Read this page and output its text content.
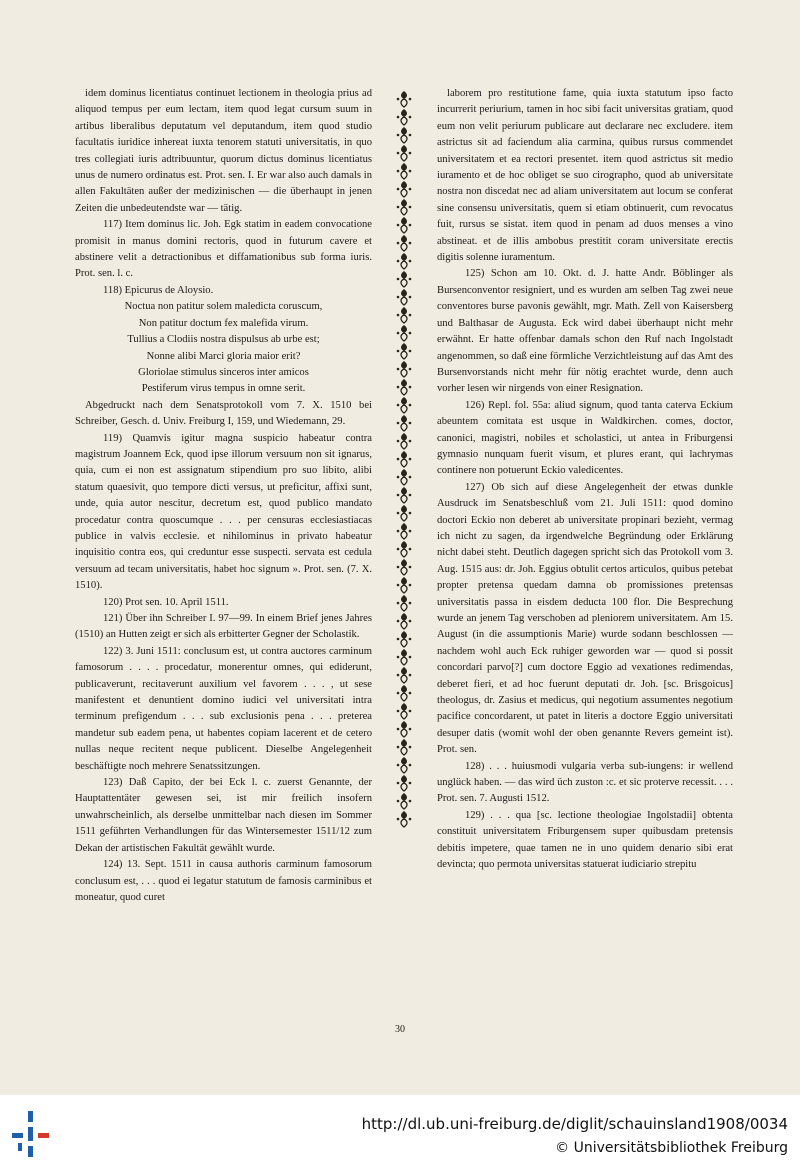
idem dominus licentiatus continuet lectionem in theologia prius ad aliquod tempus per eum lectam, item quod legat cursum suum in artibus liberalibus deputatum vel deputandum, item quod studio facultatis iuridice inhereat iuxta tenorem statuti universitatis, in quo tres collegiati iuris adtribuuntur, quorum dictus dominus licentiatus unus de numero ordinatus est. Prot. sen. I. Er war also auch damals in allen Fakultäten außer der medizinischen — die überhaupt in jenen Zeiten die unbedeutendste war — tätig.

117) Item dominus lic. Joh. Egk statim in eadem convocatione promisit in manus domini rectoris, quod in futurum cavere et abstinere velit a detractionibus et diffamationibus sub forma iuris. Prot. sen. l. c.

118) Epicurus de Aloysio.

Noctua non patitur solem maledicta coruscum,

Non patitur doctum fex malefida virum.

Tullius a Clodiis nostra dispulsus ab urbe est;

Nonne alibi Marci gloria maior erit?

Gloriolae stimulus sinceros inter amicos

Pestiferum virus tempus in omne serit.

Abgedruckt nach dem Senatsprotokoll vom 7. X. 1510 bei Schreiber, Gesch. d. Univ. Freiburg I, 159, und Wiedemann, 29.

119) Quamvis igitur magna suspicio habeatur contra magistrum Joannem Eck, quod ipse illorum versuum non sit ignarus, quia, cum ei non est assignatum stipendium pro suo libito, alibi statum quaesivit, quo tempore dicti versus, ut preficitur, affixi sunt, unde, quia autor nescitur, decretum est, quod publico mandato procedatur contra quoscumque . . . per censuras ecclesiastiacas publice in valvis ecclesie. et nihilominus in privato habeatur inquisitio contra eos, qui creduntur esse suspecti. servata est cedula versuum ad tecam universitatis, habet hoc signum ». Prot. sen. (7. X. 1510).

120) Prot sen. 10. April 1511.

121) Über ihn Schreiber I. 97—99. In einem Brief jenes Jahres (1510) an Hutten zeigt er sich als erbitterter Gegner der Scholastik.

122) 3. Juni 1511: conclusum est, ut contra auctores carminum famosorum . . . . procedatur, monerentur omnes, qui ediderunt, publicaverunt, recitaverunt auxilium vel favorem . . . , ut sese manifestent et denuntient domino iudici vel universitati intra terminum prefigendum . . . sub exclusionis pena . . . preterea mandetur sub eadem pena, ut habentes copiam lacerent et de cetero nullas neque recitent neque publicent. Dieselbe Angelegenheit beschäftigte noch mehrere Senatssitzungen.

123) Daß Capito, der bei Eck l. c. zuerst Genannte, der Hauptattentäter gewesen sei, ist mir freilich insofern unwahrscheinlich, als derselbe unmittelbar nach diesen im Sommer 1511 geführten Verhandlungen für das Wintersemester 1511/12 zum Dekan der artistischen Fakultät gewählt wurde.

124) 13. Sept. 1511 in causa authoris carminum famosorum conclusum est, . . . quod ei legatur statutum de famosis carminibus et moneatur, quod curet

laborem pro restitutione fame, quia iuxta statutum ipso facto incurrerit periurium, tamen in hoc sibi facit universitas gratiam, quod eum non velit periurum publicare aut declarare nec excludere. item astrictus sit ad faciendum alia carmina, quibus rursus commendet universitatem et ea rectori presentet. item quod astrictus sit medio iuramento et de hoc obliget se suo cirographo, quod ab universitate nostra non discedat nec ad aliam universitatem aut locum se conferat sine consensu universitatis, quem si etiam obtinuerit, cum revocatus fuit, rursus se sistat. item quod in penam ad duos menses a vino abstineat. et de illis ambobus prestitit coram universitate erectis digitis solenne iuramentum.

125) Schon am 10. Okt. d. J. hatte Andr. Böblinger als Bursenconventor resigniert, und es wurden am selben Tag zwei neue conventores burse pavonis gewählt, mgr. Math. Zell von Kaisersberg und Balthasar de Augusta. Eck wird dabei überhaupt nicht mehr erwähnt. Er hatte offenbar damals schon den Ruf nach Ingolstadt angenommen, so daß eine förmliche Verzichtleistung auf das Amt des Bursenvorstands nicht mehr für nötig erachtet wurde, denn auch vorher lesen wir nirgends von einer Resignation.

126) Repl. fol. 55a: aliud signum, quod tanta caterva Eckium abeuntem comitata est usque in Waldkirchen. comes, doctor, canonici, magistri, nobiles et scholastici, ut antea in Friburgensi gymnasio nunquam fuerit visum, et plures erant, qui lachrymas continere non potuerunt Eckio valedicentes.

127) Ob sich auf diese Angelegenheit der etwas dunkle Ausdruck im Senatsbeschluß vom 21. Juli 1511: quod domino doctori Eckio non deberet ab universitate propinari bezieht, vermag ich nicht zu sagen, da irgendwelche Begründung oder Erklärung nicht dabei steht. Deutlich dagegen spricht sich das Protokoll vom 3. Aug. 1515 aus: dr. Joh. Eggius obtulit certos articulos, quibus petebat propter pretensa quedam damna ob promissiones pretensas universitatis passa in eisdem deducta 100 flor. Die Besprechung wurde an jenem Tag verschoben ad pleniorem universitatem. Am 15. August (in die assumptionis Marie) wurde sodann beschlossen — nachdem wohl auch Eck ruhiger geworden war — quod si possit concordari parvo[?] cum doctore Eggio ad vexationes redimendas, deberet fieri, et ad hoc fuerunt deputati dr. Joh. [sc. Brisgoicus] theologus, dr. Zasius et medicus, qui negotium assumentes negotium pacifice concordarent, ut patet in literis a doctore Eggio universitati desuper datis (womit wohl der oben genannte Revers gemeint ist). Prot. sen.

128) . . . huiusmodi vulgaria verba sub-iungens: ir wellend unglück haben. — das wird üch zuston :c. et sic proterve recessit. . . . Prot. sen. 7. Augusti 1512.

129) . . . qua [sc. lectione theologiae Ingolstadii] obtenta constituit universitatem Friburgensem super quibusdam pretensis debitis impetere, quae tamen ne in uno quidem denario sibi erat devincta; quo permota universitas statuerat iudiciario strepitu

30
http://dl.ub.uni-freiburg.de/diglit/schauinsland1908/0034
© Universitätsbibliothek Freiburg
